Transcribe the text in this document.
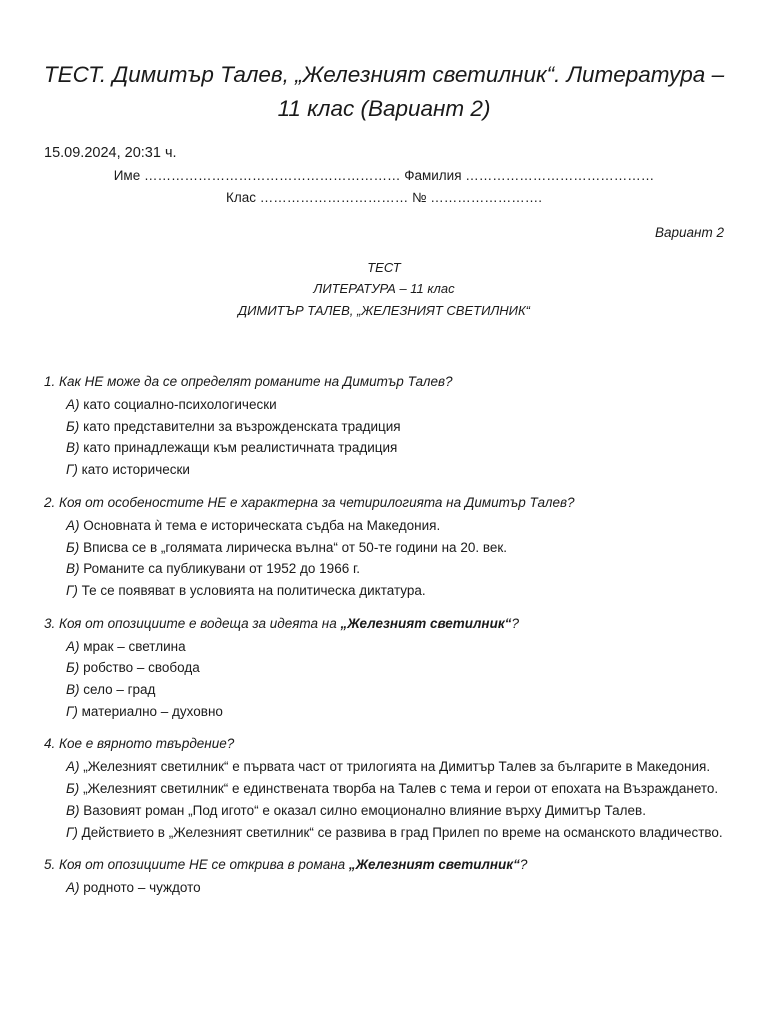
ТЕСТ. Димитър Талев, „Железният светилник“. Литература –
11 клас (Вариант 2)
15.09.2024, 20:31 ч.
Име ………………………………………………… Фамилия ……………………………………
Клас …………………………… № …………………….
Вариант 2
ТЕСТ
ЛИТЕРАТУРА – 11 клас
ДИМИТЪР ТАЛЕВ, „ЖЕЛЕЗНИЯТ СВЕТИЛНИК“
1. Как НЕ може да се определят романите на Димитър Талев?
А) като социално-психологически
Б) като представителни за възрожденската традиция
В) като принадлежащи към реалистичната традиция
Г) като исторически
2. Коя от особеностите НЕ е характерна за четирилогията на Димитър Талев?
А) Основната ѝ тема е историческата съдба на Македония.
Б) Вписва се в „голямата лирическа вълна“ от 50-те години на 20. век.
В) Романите са публикувани от 1952 до 1966 г.
Г) Те се появяват в условията на политическа диктатура.
3. Коя от опозициите е водеща за идеята на „Железният светилник“?
А) мрак – светлина
Б) робство – свобода
В) село – град
Г) материално – духовно
4. Кое е вярното твърдение?
А) „Железният светилник“ е първата част от трилогията на Димитър Талев за българите в Македония.
Б) „Железният светилник“ е единствената творба на Талев с тема и герои от епохата на Възраждането.
В) Вазовият роман „Под игото“ е оказал силно емоционално влияние върху Димитър Талев.
Г) Действието в „Железният светилник“ се развива в град Прилеп по време на османското владичество.
5. Коя от опозициите НЕ се открива в романа „Железният светилник“?
А) родното – чуждото
